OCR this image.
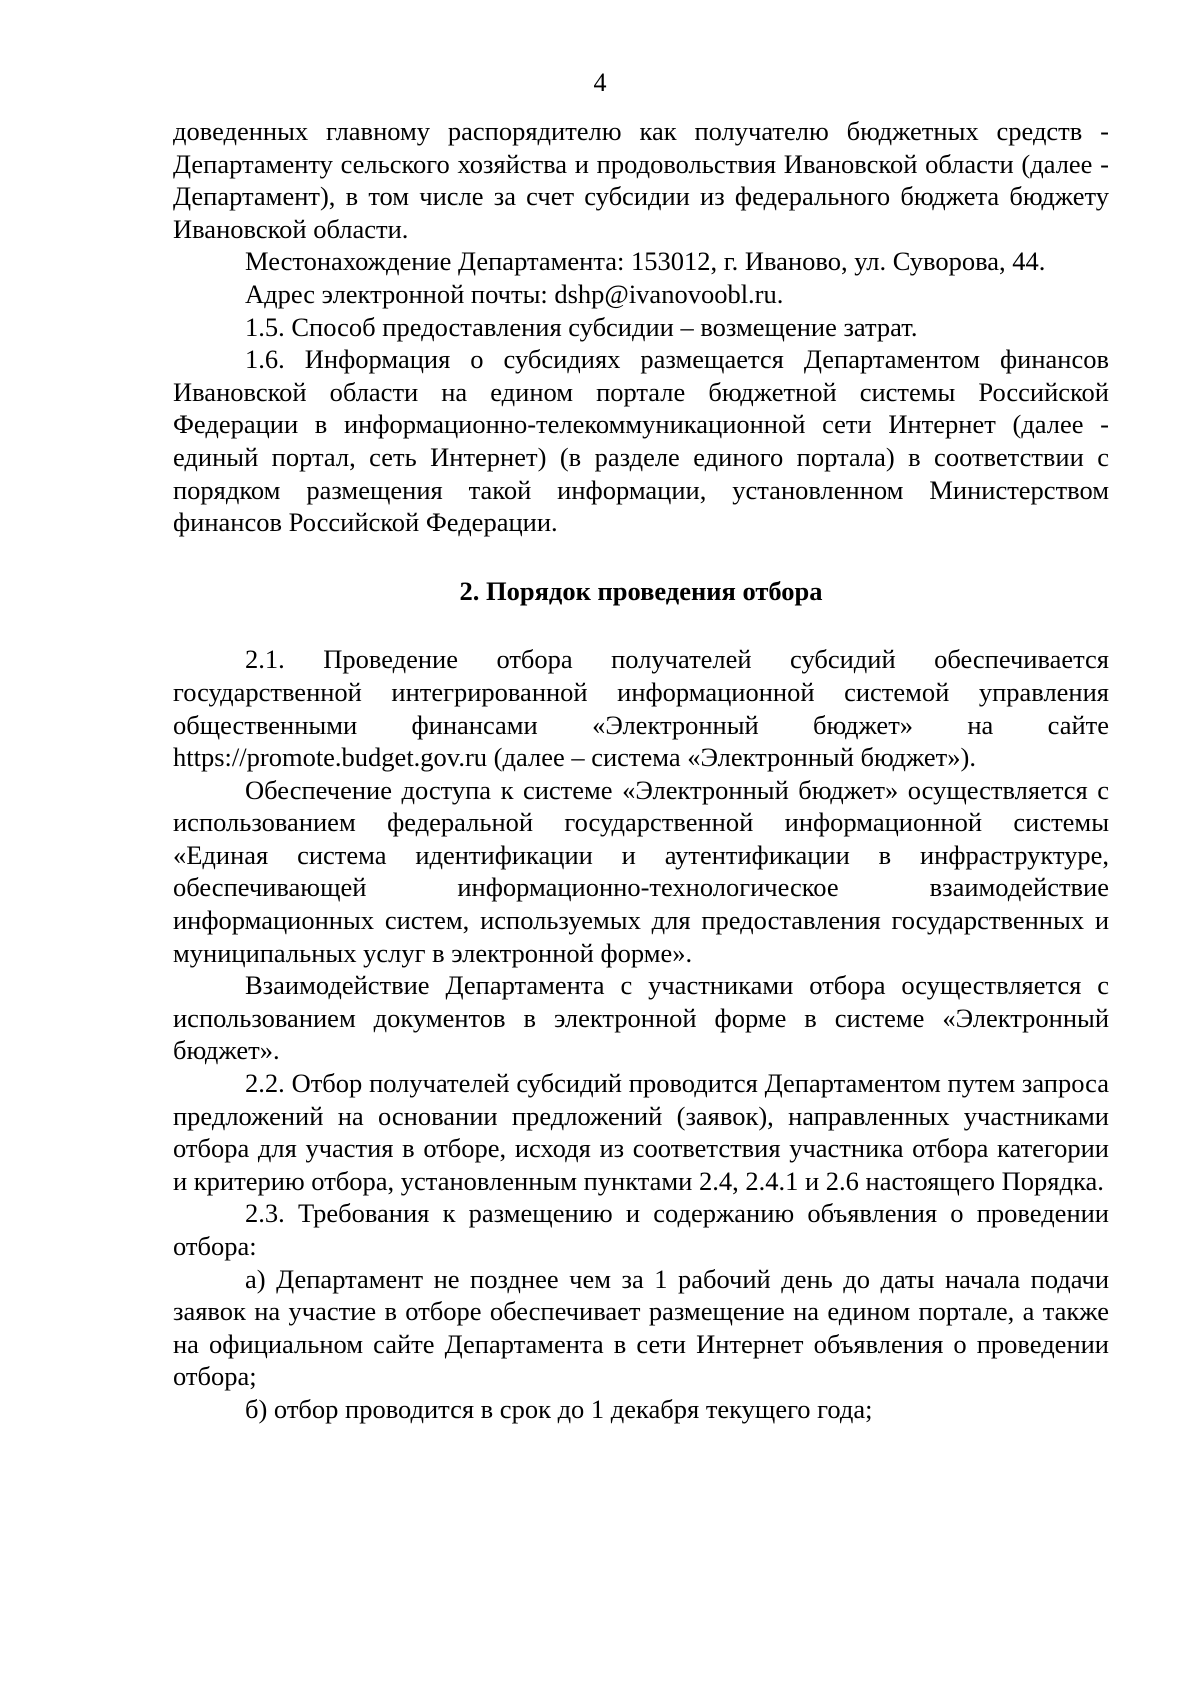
4

доведенных главному распорядителю как получателю бюджетных средств - Департаменту сельского хозяйства и продовольствия Ивановской области (далее - Департамент), в том числе за счет субсидии из федерального бюджета бюджету Ивановской области.

Местонахождение Департамента: 153012, г. Иваново, ул. Суворова, 44.

Адрес электронной почты: dshp@ivanovoobl.ru.

1.5. Способ предоставления субсидии – возмещение затрат.

1.6. Информация о субсидиях размещается Департаментом финансов Ивановской области на едином портале бюджетной системы Российской Федерации в информационно-телекоммуникационной сети Интернет (далее - единый портал, сеть Интернет) (в разделе единого портала) в соответствии с порядком размещения такой информации, установленном Министерством финансов Российской Федерации.

2. Порядок проведения отбора

2.1. Проведение отбора получателей субсидий обеспечивается государственной интегрированной информационной системой управления общественными финансами «Электронный бюджет» на сайте https://promote.budget.gov.ru (далее – система «Электронный бюджет»).

Обеспечение доступа к системе «Электронный бюджет» осуществляется с использованием федеральной государственной информационной системы «Единая система идентификации и аутентификации в инфраструктуре, обеспечивающей информационно-технологическое взаимодействие информационных систем, используемых для предоставления государственных и муниципальных услуг в электронной форме».

Взаимодействие Департамента с участниками отбора осуществляется с использованием документов в электронной форме в системе «Электронный бюджет».

2.2. Отбор получателей субсидий проводится Департаментом путем запроса предложений на основании предложений (заявок), направленных участниками отбора для участия в отборе, исходя из соответствия участника отбора категории и критерию отбора, установленным пунктами 2.4, 2.4.1 и 2.6 настоящего Порядка.

2.3. Требования к размещению и содержанию объявления о проведении отбора:

а) Департамент не позднее чем за 1 рабочий день до даты начала подачи заявок на участие в отборе обеспечивает размещение на едином портале, а также на официальном сайте Департамента в сети Интернет объявления о проведении отбора;

б) отбор проводится в срок до 1 декабря текущего года;
